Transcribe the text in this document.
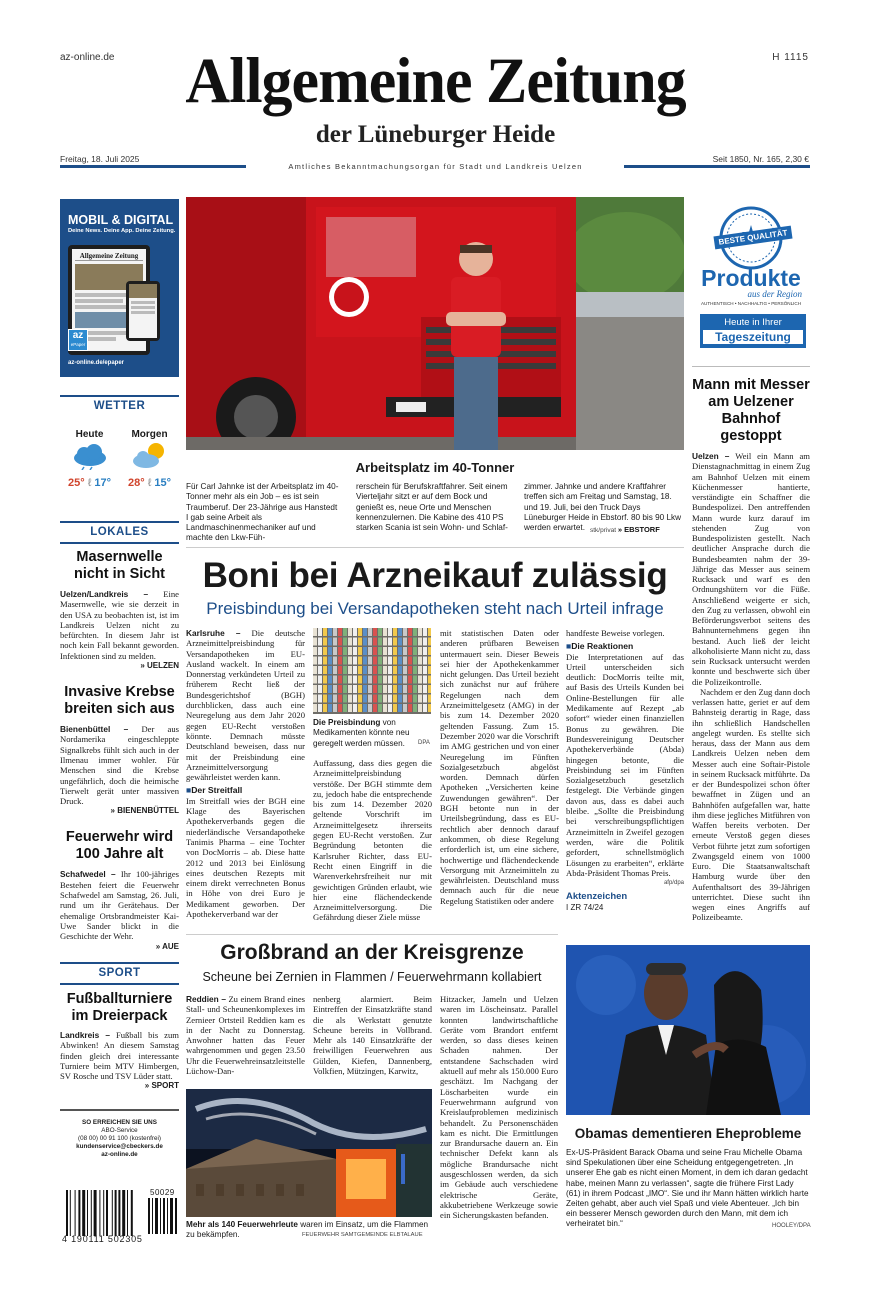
az-online.de	H 1115
Allgemeine Zeitung
der Lüneburger Heide
Freitag, 18. Juli 2025
Amtliches Bekanntmachungsorgan für Stadt und Landkreis Uelzen
Seit 1850, Nr. 165, 2,30 €
MOBIL & DIGITAL
Deine News. Deine App. Deine Zeitung.
Allgemeine Zeitung
az
ePaper
az-online.de/epaper
WETTER
Heute
25° ℓ 17°
Morgen
28° ℓ 15°
LOKALES
Masernwelle nicht in Sicht
Uelzen/Landkreis – Eine Masernwelle, wie sie derzeit in den USA zu beobachten ist, ist im Landkreis Uelzen nicht zu befürchten. In diesem Jahr ist noch kein Fall bekannt geworden. Infektionen sind zu melden.
» UELZEN
Invasive Krebse breiten sich aus
Bienenbüttel – Der aus Nordamerika eingeschleppte Signalkrebs fühlt sich auch in der Ilmenau immer wohler. Für Menschen sind die Krebse ungefährlich, doch die heimische Tierwelt gerät unter massiven Druck.
» BIENENBÜTTEL
Feuerwehr wird 100 Jahre alt
Schafwedel – Ihr 100-jähriges Bestehen feiert die Feuerwehr Schafwedel am Samstag, 26. Juli, rund um ihr Gerätehaus. Der ehemalige Ortsbrandmeister Kai-Uwe Sander blickt in die Geschichte der Wehr.
» AUE
SPORT
Fußballturniere im Dreierpack
Landkreis – Fußball bis zum Abwinken! An diesem Samstag finden gleich drei interessante Turniere beim MTV Himbergen, SV Rosche und TSV Lüder statt.
» SPORT
SO ERREICHEN SIE UNS
ABO-Service
(08 00) 00 91 100 (kostenfrei)
kundenservice@cbeckers.de
az-online.de
50029
4 190111 502305
Arbeitsplatz im 40-Tonner
Für Carl Jahnke ist der Arbeitsplatz im 40-Tonner mehr als ein Job – es ist sein Traumberuf. Der 23-Jährige aus Hanstedt I gab seine Arbeit als Landmaschinenmechaniker auf und machte den Lkw-Füh-
rerschein für Berufskraftfahrer. Seit einem Vierteljahr sitzt er auf dem Bock und genießt es, neue Orte und Menschen kennenzulernen. Die Kabine des 410 PS starken Scania ist sein Wohn- und Schlaf-
zimmer. Jahnke und andere Kraftfahrer treffen sich am Freitag und Samstag, 18. und 19. Juli, bei den Truck Days Lüneburger Heide in Ebstorf. 80 bis 90 Lkw werden erwartet. stk/privat » EBSTORF
BESTE QUALITÄT
Produkte
aus der Region
AUTHENTISCH • NACHHALTIG • PERSÖNLICH
Heute in Ihrer
Tageszeitung
Mann mit Messer am Uelzener Bahnhof gestoppt
Uelzen – Weil ein Mann am Dienstagnachmittag in einem Zug am Bahnhof Uelzen mit einem Küchenmesser hantierte, verständigte ein Schaffner die Bundespolizei. Den antreffenden Mann wurde kurz darauf im stehenden Zug von Bundespolizisten gestellt. Nach deutlicher Ansprache durch die Bundesbeamten nahm der 39-Jährige das Messer aus seinem Rucksack und warf es den Ordnungshütern vor die Füße. Anschließend weigerte er sich, den Zug zu verlassen, obwohl ein Beförderungsverbot seitens des Bahnunternehmens gegen ihn bestand. Auch ließ der leicht alkoholisierte Mann nicht zu, dass sein Rucksack untersucht werden konnte und beschwerte sich über die Polizeikontrolle.
Nachdem er den Zug dann doch verlassen hatte, geriet er auf dem Bahnsteig derartig in Rage, dass ihn schließlich Handschellen angelegt wurden. Es stellte sich heraus, dass der Mann aus dem Landkreis Uelzen neben dem Messer auch eine Softair-Pistole in seinem Rucksack mitführte. Da er der Bundespolizei schon öfter bewaffnet in Zügen und an Bahnhöfen aufgefallen war, hatte ihm diese jegliches Mitführen von Waffen bereits verboten. Der erneute Verstoß gegen dieses Verbot führte jetzt zum sofortigen Zwangsgeld einem von 1000 Euro. Die Staatsanwaltschaft Hamburg wurde über den Aufenthaltsort des 39-Jährigen unterrichtet. Diese sucht ihn wegen eines Angriffs auf Polizeibeamte.
Boni bei Arzneikauf zulässig
Preisbindung bei Versandapotheken steht nach Urteil infrage
Karlsruhe – Die deutsche Arzneimittelpreisbindung für Versandapotheken im EU-Ausland wackelt. In einem am Donnerstag verkündeten Urteil zu früherem Recht ließ der Bundesgerichtshof (BGH) durchblicken, dass auch eine Neuregelung aus dem Jahr 2020 gegen EU-Recht verstoßen könnte. Demnach müsste Deutschland beweisen, dass nur mit der Preisbindung eine Arzneimittelversorgung gewährleistet werden kann.
■ Der Streitfall
Im Streitfall wies der BGH eine Klage des Bayerischen Apothekerverbands gegen die niederländische Versandapotheke Tanimis Pharma – eine Tochter von DocMorris – ab. Diese hatte 2012 und 2013 bei Einlösung eines deutschen Rezepts mit einem direkt verrechneten Bonus in Höhe von drei Euro je Medikament geworben. Der Apothekerverband war der
Die Preisbindung von Medikamenten könnte neu geregelt werden müssen.	DPA
Auffassung, dass dies gegen die Arzneimittelpreisbindung verstöße. Der BGH stimmte dem zu, jedoch habe die entsprechende bis zum 14. Dezember 2020 geltende Vorschrift im Arzneimittelgesetz ihrerseits gegen EU-Recht verstoßen. Zur Begründung betonten die Karlsruher Richter, dass EU-Recht einen Eingriff in die Warenverkehrsfreiheit nur mit gewichtigen Gründen erlaubt, wie hier eine flächendeckende Arzneimittelversorgung. Die Gefährdung dieser Ziele müsse
mit statistischen Daten oder anderen prüfbaren Beweisen untermauert sein. Dieser Beweis sei hier der Apothekenkammer nicht gelungen. Das Urteil bezieht sich zunächst nur auf frühere Regelungen nach dem Arzneimittelgesetz (AMG) in der bis zum 14. Dezember 2020 geltenden Fassung. Zum 15. Dezember 2020 war die Vorschrift im AMG gestrichen und von einer Neuregelung im Fünften Sozialgesetzbuch abgelöst worden. Demnach dürfen Apotheken „Versicherten keine Zuwendungen gewähren“. Der BGH betonte nun in der Urteilsbegründung, dass es EU-rechtlich aber dennoch darauf ankommen, ob diese Regelung erforderlich ist, um eine sichere, hochwertige und flächendeckende Versorgung mit Arzneimitteln zu gewährleisten. Deutschland muss demnach auch für die neue Regelung Statistiken oder andere
handfeste Beweise vorlegen.
■ Die Reaktionen
Die Interpretationen auf das Urteil unterscheiden sich deutlich: DocMorris teilte mit, auf Basis des Urteils Kunden bei Online-Bestellungen für alle Medikamente auf Rezept „ab sofort“ wieder einen finanziellen Bonus zu gewähren. Die Bundesvereinigung Deutscher Apothekerverbände (Abda) hingegen betonte, die Preisbindung sei im Fünften Sozialgesetzbuch gesetzlich festgelegt. Die Verbände gingen davon aus, dass es dabei auch bleibe. „Sollte die Preisbindung bei verschreibungspflichtigen Arzneimitteln in Zweifel gezogen werden, wäre die Politik gefordert, schnellstmöglich Lösungen zu erarbeiten“, erklärte Abda-Präsident Thomas Preis.
afp/dpa
Aktenzeichen
I ZR 74/24
Großbrand an der Kreisgrenze
Scheune bei Zernien in Flammen / Feuerwehrmann kollabiert
Reddien – Zu einem Brand eines Stall- und Scheunenkomplexes im Zernieer Ortsteil Reddien kam es in der Nacht zu Donnerstag. Anwohner hatten das Feuer wahrgenommen und gegen 23.50 Uhr die Feuerwehreinsatzleitstelle Lüchow-Dan-
nenberg alarmiert. Beim Eintreffen der Einsatzkräfte stand die als Werkstatt genutzte Scheune bereits in Vollbrand. Mehr als 140 Einsatzkräfte der freiwilligen Feuerwehren aus Gülden, Kiefen, Dannenberg, Volkfien, Mützingen, Karwitz,
Hitzacker, Jameln und Uelzen waren im Löscheinsatz. Parallel konnten landwirtschaftliche Geräte vom Brandort entfernt werden, so dass dieses keinen Schaden nahmen. Der entstandene Sachschaden wird aktuell auf mehr als 150.000 Euro geschätzt. Im Nachgang der Löscharbeiten wurde ein Feuerwehrmann aufgrund von Kreislaufproblemen medizinisch behandelt. Zu Personenschäden kam es nicht. Die Ermittlungen zur Brandursache dauern an. Ein technischer Defekt kann als mögliche Brandursache nicht ausgeschlossen werden, da sich im Gebäude auch verschiedene elektrische Geräte, akkubetriebene Werkzeuge sowie ein Sicherungskasten befanden.
Mehr als 140 Feuerwehrleute waren im Einsatz, um die Flammen zu bekämpfen.	FEUERWEHR SAMTGEMEINDE ELBTALAUE
Obamas dementieren Eheprobleme
Ex-US-Präsident Barack Obama und seine Frau Michelle Obama sind Spekulationen über eine Scheidung entgegengetreten. „In unserer Ehe gab es nicht einen Moment, in dem ich daran gedacht habe, meinen Mann zu verlassen“, sagte die frühere First Lady (61) in ihrem Podcast „IMO“. Sie und ihr Mann hätten wirklich harte Zeiten gehabt, aber auch viel Spaß und viele Abenteuer. „Ich bin ein besserer Mensch geworden durch den Mann, mit dem ich verheiratet bin.“	HOOLEY/DPA
